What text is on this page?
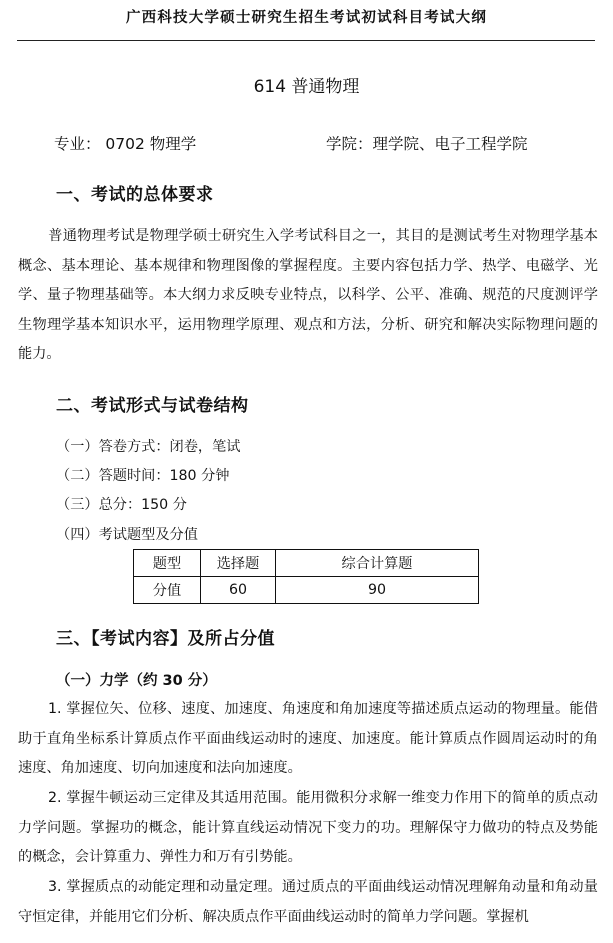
广西科技大学硕士研究生招生考试初试科目考试大纲
614 普通物理
专业： 0702 物理学	学院：理学院、电子工程学院
一、考试的总体要求
普通物理考试是物理学硕士研究生入学考试科目之一，其目的是测试考生对物理学基本概念、基本理论、基本规律和物理图像的掌握程度。主要内容包括力学、热学、电磁学、光学、量子物理基础等。本大纲力求反映专业特点，以科学、公平、准确、规范的尺度测评学生物理学基本知识水平，运用物理学原理、观点和方法，分析、研究和解决实际物理问题的能力。
二、考试形式与试卷结构
（一）答卷方式：闭卷，笔试
（二）答题时间：180 分钟
（三）总分：150 分
（四）考试题型及分值
题型	选择题	综合计算题
分值	60	90
三、【考试内容】及所占分值
（一）力学（约 30 分）
1. 掌握位矢、位移、速度、加速度、角速度和角加速度等描述质点运动的物理量。能借助于直角坐标系计算质点作平面曲线运动时的速度、加速度。能计算质点作圆周运动时的角速度、角加速度、切向加速度和法向加速度。
2. 掌握牛顿运动三定律及其适用范围。能用微积分求解一维变力作用下的简单的质点动力学问题。掌握功的概念，能计算直线运动情况下变力的功。理解保守力做功的特点及势能的概念，会计算重力、弹性力和万有引势能。
3. 掌握质点的动能定理和动量定理。通过质点的平面曲线运动情况理解角动量和角动量守恒定律，并能用它们分析、解决质点作平面曲线运动时的简单力学问题。掌握机
